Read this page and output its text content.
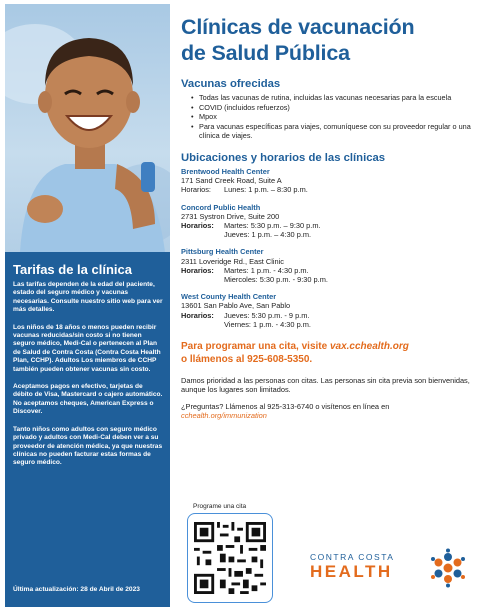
Tarifas de la clínica

Las tarifas dependen de la edad del paciente, estado del seguro médico y vacunas necesarias. Consulte nuestro sitio web para ver más detalles.

Los niños de 18 años o menos pueden recibir vacunas reducidas/sin costo si no tienen seguro médico, Medi-Cal o pertenecen al Plan de Salud de Contra Costa (Contra Costa Health Plan, CCHP). Adultos Los miembros de CCHP también pueden obtener vacunas sin costo.

Aceptamos pagos en efectivo, tarjetas de débito de Visa, Mastercard o cajero automático. No aceptamos cheques, American Express o Discover.

Tanto niños como adultos con seguro médico privado y adultos con Medi-Cal deben ver a su proveedor de atención médica, ya que nuestras clínicas no pueden facturar estas formas de seguro médico.

Última actualización: 28 de Abril de 2023
Clínicas de vacunación
de Salud Pública
Vacunas ofrecidas
• Todas las vacunas de rutina, incluidas las vacunas necesarias para la escuela
• COVID (incluidos refuerzos)
• Mpox
• Para vacunas específicas para viajes, comuníquese con su proveedor regular o una clínica de viajes.
Ubicaciones y horarios de las clínicas
Brentwood Health Center
171 Sand Creek Road, Suite A
Horarios:	Lunes: 1 p.m. – 8:30 p.m.
Concord Public Health
2731 Systron Drive, Suite 200
Horarios:	Martes: 5:30 p.m. – 9:30 p.m.
Jueves: 1 p.m. – 4:30 p.m.
Pittsburg Health Center
2311 Loveridge Rd., East Clinic
Horarios:	Martes: 1 p.m. - 4:30 p.m.
Miercoles: 5:30 p.m. - 9:30 p.m.
West County Health Center
13601 San Pablo Ave, San Pablo
Horarios:	Jueves: 5:30 p.m. - 9 p.m.
Viernes: 1 p.m. - 4:30 p.m.
Para programar una cita, visite vax.cchealth.org
o llámenos al 925-608-5350.
Damos prioridad a las personas con citas. Las personas sin cita previa son bienvenidas, aunque los lugares son limitados.
¿Preguntas? Llámenos al 925-313-6740 o visítenos en línea en cchealth.org/immunization
Programe una cita
CONTRA COSTA
HEALTH
